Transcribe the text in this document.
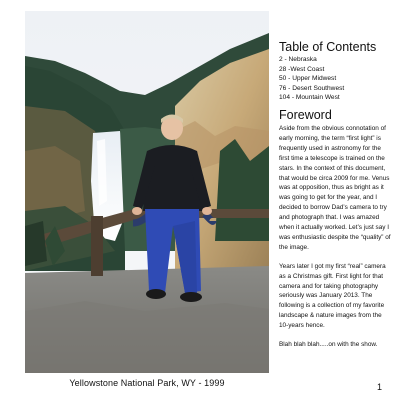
Yellowstone National Park, WY - 1999
Table of Contents
2 - Nebraska
28 -West Coast
50 - Upper Midwest
76 - Desert Southwest
104 - Mountain West
Foreword

Aside from the obvious connotation of early morning, the term “first light” is frequently used in astronomy for the first time a telescope is trained on the stars. In the context of this document, that would be circa 2009 for me. Venus was at opposition, thus as bright as it was going to get for the year, and I decided to borrow Dad’s camera to try and photograph that. I was amazed when it actually worked. Let’s just say I was enthusiastic despite the “quality” of the image.

Years later I got my first “real” camera as a Christmas gift. First light for that camera and for taking photography seriously was January 2013. The following is a collection of my favorite landscape & nature images from the 10-years hence.

Blah blah blah.....on with the show.

1
